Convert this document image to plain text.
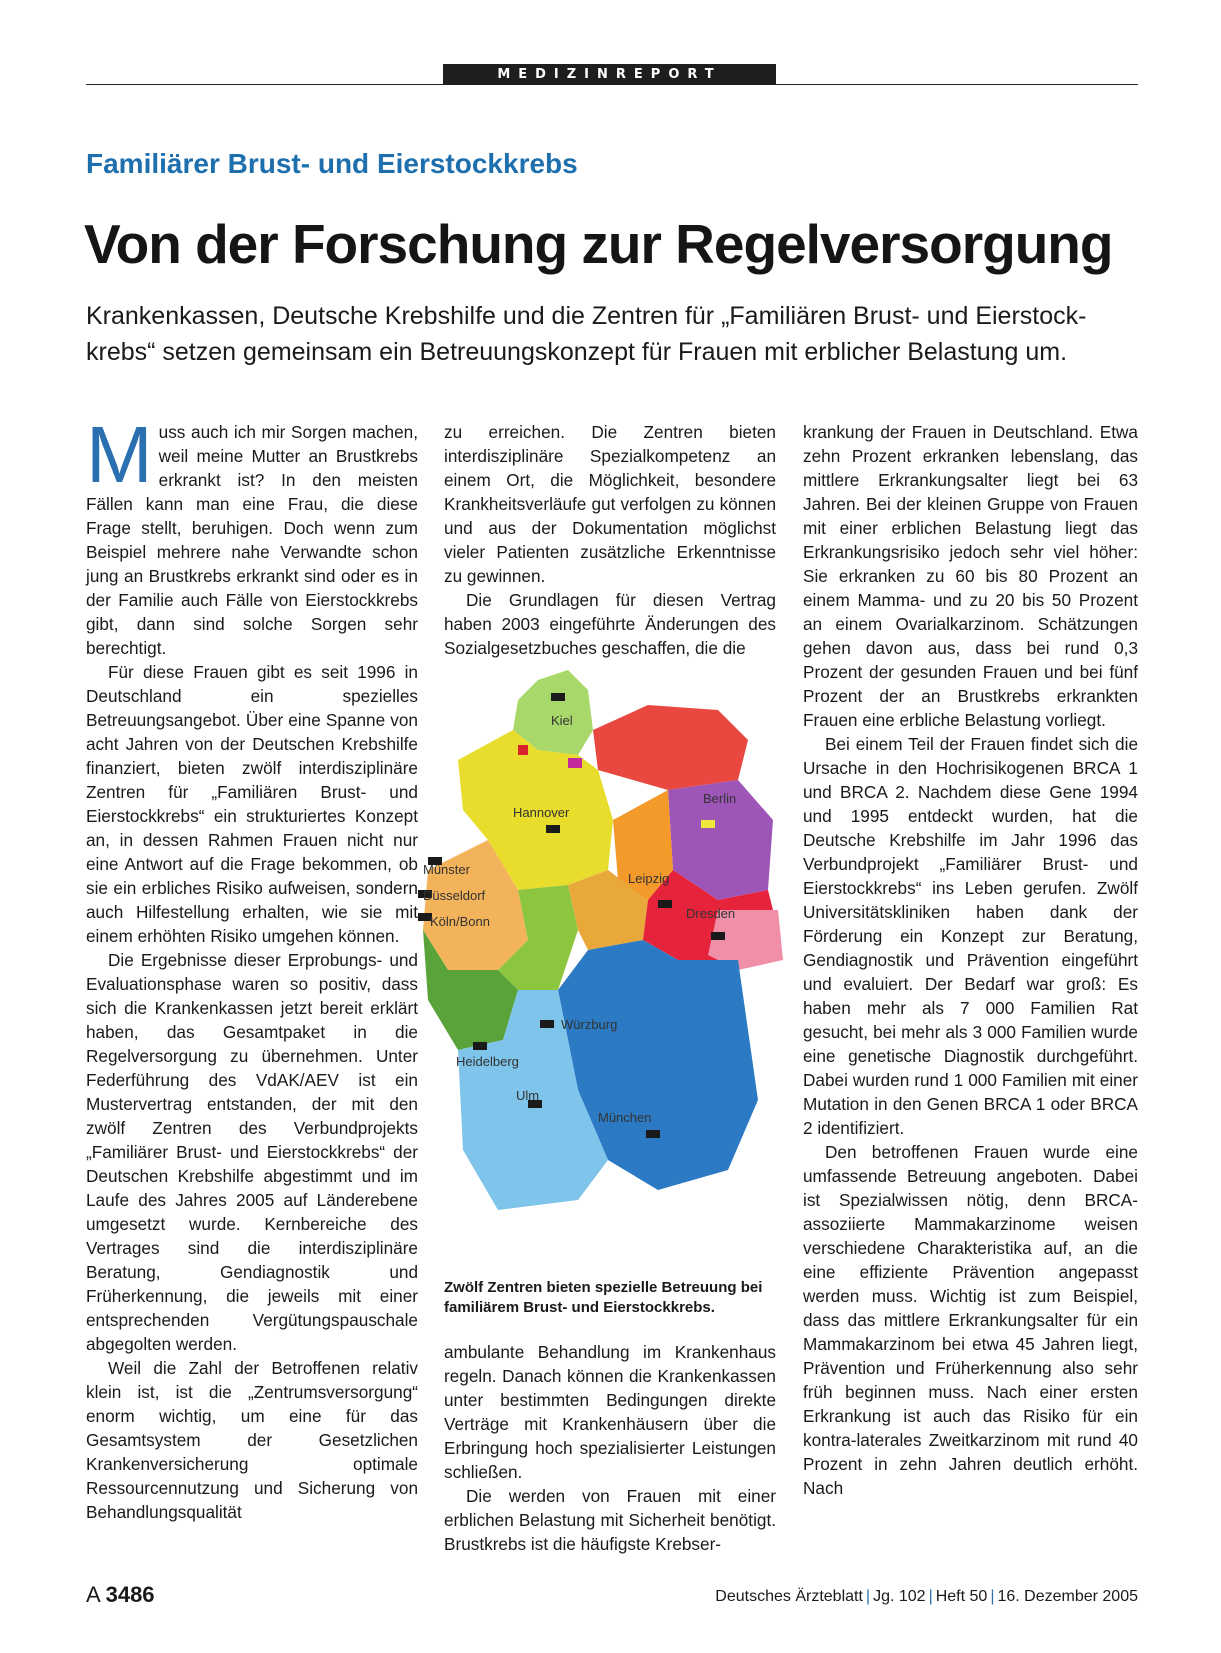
MEDIZINREPORT
Familiärer Brust- und Eierstockkrebs
Von der Forschung zur Regelversorgung
Krankenkassen, Deutsche Krebshilfe und die Zentren für „Familiären Brust- und Eierstock-krebs“ setzen gemeinsam ein Betreuungskonzept für Frauen mit erblicher Belastung um.

Muss auch ich mir Sorgen machen, weil meine Mutter an Brustkrebs erkrankt ist? In den meisten Fällen kann man eine Frau, die diese Frage stellt, beruhigen. Doch wenn zum Beispiel mehrere nahe Verwandte schon jung an Brustkrebs erkrankt sind oder es in der Familie auch Fälle von Eierstockkrebs gibt, dann sind solche Sorgen sehr berechtigt.

Für diese Frauen gibt es seit 1996 in Deutschland ein spezielles Betreuungsangebot. Über eine Spanne von acht Jahren von der Deutschen Krebshilfe finanziert, bieten zwölf interdisziplinäre Zentren für „Familiären Brust- und Eierstockkrebs“ ein strukturiertes Konzept an, in dessen Rahmen Frauen nicht nur eine Antwort auf die Frage bekommen, ob sie ein erbliches Risiko aufweisen, sondern auch Hilfestellung erhalten, wie sie mit einem erhöhten Risiko umgehen können.

Die Ergebnisse dieser Erprobungs- und Evaluationsphase waren so positiv, dass sich die Krankenkassen jetzt bereit erklärt haben, das Gesamtpaket in die Regelversorgung zu übernehmen. Unter Federführung des VdAK/AEV ist ein Mustervertrag entstanden, der mit den zwölf Zentren des Verbundprojekts „Familiärer Brust- und Eierstockkrebs“ der Deutschen Krebshilfe abgestimmt und im Laufe des Jahres 2005 auf Länderebene umgesetzt wurde. Kernbereiche des Vertrages sind die interdisziplinäre Beratung, Gendiagnostik und Früherkennung, die jeweils mit einer entsprechenden Vergütungspauschale abgegolten werden.

Weil die Zahl der Betroffenen relativ klein ist, ist die „Zentrumsversorgung“ enorm wichtig, um eine für das Gesamtsystem der Gesetzlichen Krankenversicherung optimale Ressourcennutzung und Sicherung von Behandlungsqualität

zu erreichen. Die Zentren bieten interdisziplinäre Spezialkompetenz an einem Ort, die Möglichkeit, besondere Krankheitsverläufe gut verfolgen zu können und aus der Dokumentation möglichst vieler Patienten zusätzliche Erkenntnisse zu gewinnen.

Die Grundlagen für diesen Vertrag haben 2003 eingeführte Änderungen des Sozialgesetzbuches geschaffen, die die

Kiel
Hannover
Berlin
Münster
Düsseldorf
Köln/Bonn
Leipzig
Dresden
Würzburg
Heidelberg
Ulm
München
Zwölf Zentren bieten spezielle Betreuung bei familiärem Brust- und Eierstockkrebs.

ambulante Behandlung im Krankenhaus regeln. Danach können die Krankenkassen unter bestimmten Bedingungen direkte Verträge mit Krankenhäusern über die Erbringung hoch spezialisierter Leistungen schließen.

Die werden von Frauen mit einer erblichen Belastung mit Sicherheit benötigt. Brustkrebs ist die häufigste Krebser-

krankung der Frauen in Deutschland. Etwa zehn Prozent erkranken lebenslang, das mittlere Erkrankungsalter liegt bei 63 Jahren. Bei der kleinen Gruppe von Frauen mit einer erblichen Belastung liegt das Erkrankungsrisiko jedoch sehr viel höher: Sie erkranken zu 60 bis 80 Prozent an einem Mamma- und zu 20 bis 50 Prozent an einem Ovarialkarzinom. Schätzungen gehen davon aus, dass bei rund 0,3 Prozent der gesunden Frauen und bei fünf Prozent der an Brustkrebs erkrankten Frauen eine erbliche Belastung vorliegt.

Bei einem Teil der Frauen findet sich die Ursache in den Hochrisikogenen BRCA 1 und BRCA 2. Nachdem diese Gene 1994 und 1995 entdeckt wurden, hat die Deutsche Krebshilfe im Jahr 1996 das Verbundprojekt „Familiärer Brust- und Eierstockkrebs“ ins Leben gerufen. Zwölf Universitätskliniken haben dank der Förderung ein Konzept zur Beratung, Gendiagnostik und Prävention eingeführt und evaluiert. Der Bedarf war groß: Es haben mehr als 7 000 Familien Rat gesucht, bei mehr als 3 000 Familien wurde eine genetische Diagnostik durchgeführt. Dabei wurden rund 1 000 Familien mit einer Mutation in den Genen BRCA 1 oder BRCA 2 identifiziert.

Den betroffenen Frauen wurde eine umfassende Betreuung angeboten. Dabei ist Spezialwissen nötig, denn BRCA-assoziierte Mammakarzinome weisen verschiedene Charakteristika auf, an die eine effiziente Prävention angepasst werden muss. Wichtig ist zum Beispiel, dass das mittlere Erkrankungsalter für ein Mammakarzinom bei etwa 45 Jahren liegt, Prävention und Früherkennung also sehr früh beginnen muss. Nach einer ersten Erkrankung ist auch das Risiko für ein kontra-laterales Zweitkarzinom mit rund 40 Prozent in zehn Jahren deutlich erhöht. Nach

A 3486	Deutsches Ärzteblatt | Jg. 102 | Heft 50 | 16. Dezember 2005
